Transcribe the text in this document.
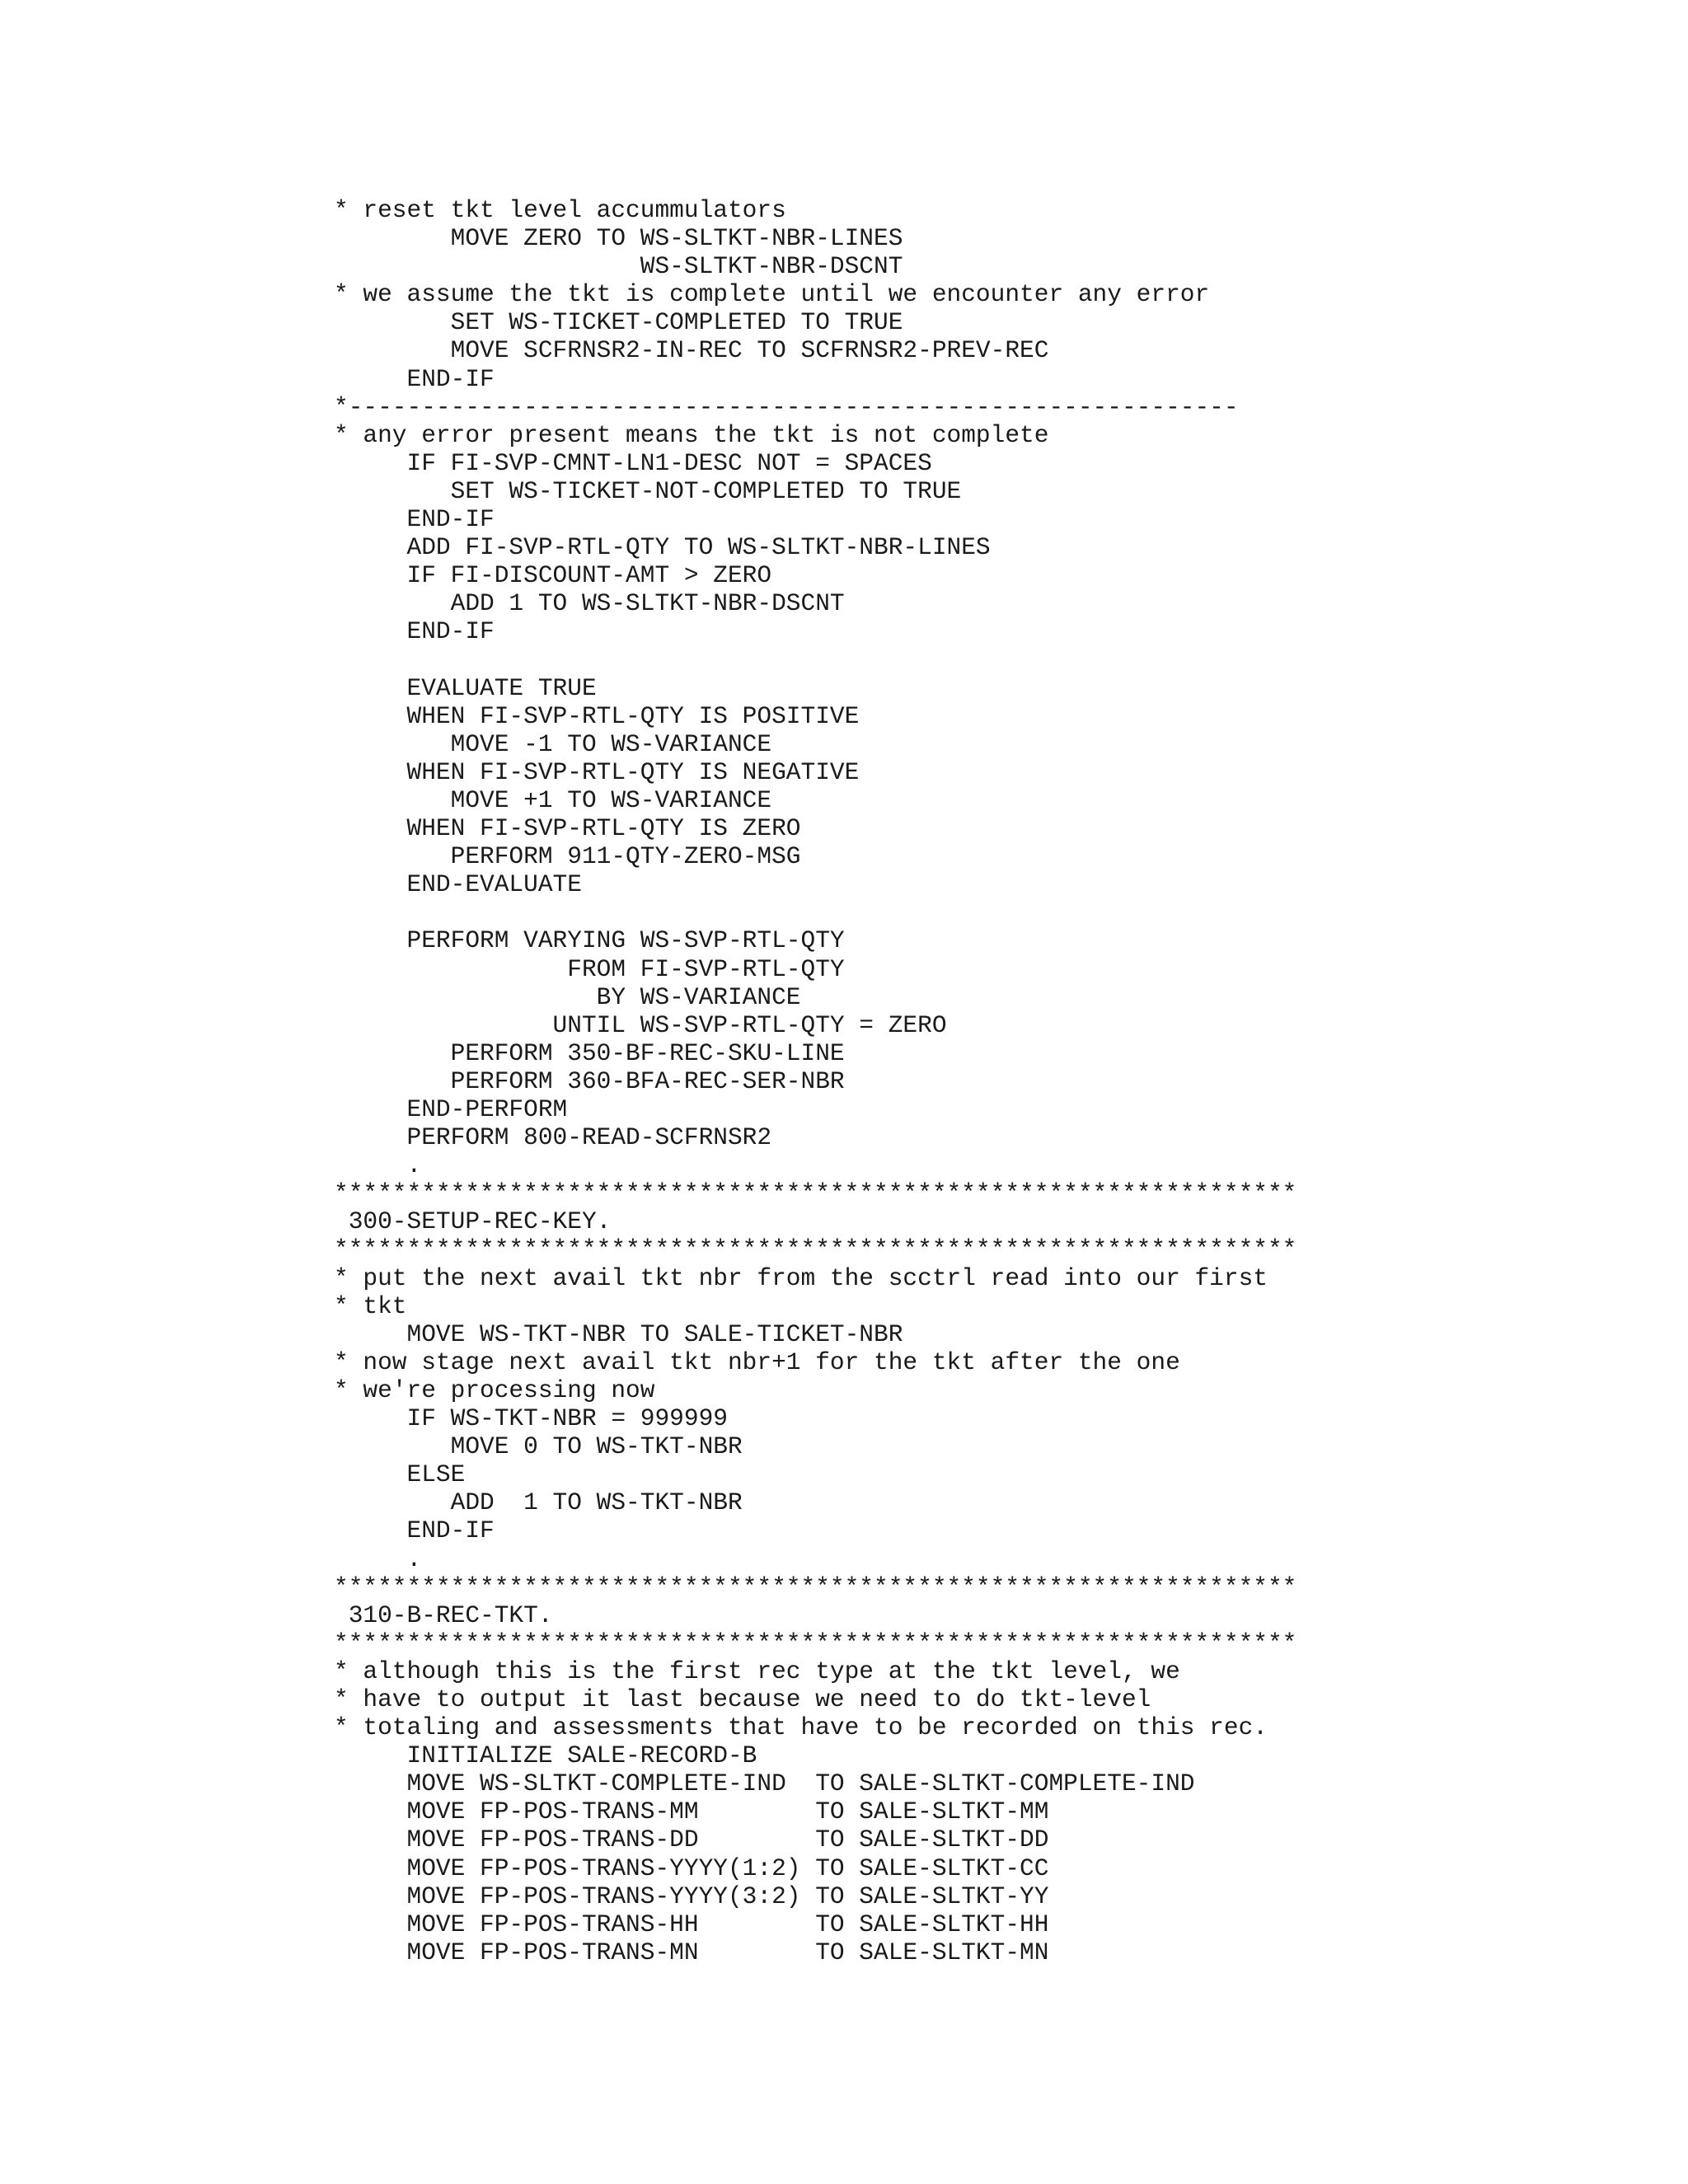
* reset tkt level accummulators
MOVE ZERO TO WS-SLTKT-NBR-LINES
WS-SLTKT-NBR-DSCNT
* we assume the tkt is complete until we encounter any error
SET WS-TICKET-COMPLETED TO TRUE
MOVE SCFRNSR2-IN-REC TO SCFRNSR2-PREV-REC
END-IF
*-------------------------------------------------------------
* any error present means the tkt is not complete
IF FI-SVP-CMNT-LN1-DESC NOT = SPACES
SET WS-TICKET-NOT-COMPLETED TO TRUE
END-IF
ADD FI-SVP-RTL-QTY TO WS-SLTKT-NBR-LINES
IF FI-DISCOUNT-AMT > ZERO
ADD 1 TO WS-SLTKT-NBR-DSCNT
END-IF
EVALUATE TRUE
WHEN FI-SVP-RTL-QTY IS POSITIVE
MOVE -1 TO WS-VARIANCE
WHEN FI-SVP-RTL-QTY IS NEGATIVE
MOVE +1 TO WS-VARIANCE
WHEN FI-SVP-RTL-QTY IS ZERO
PERFORM 911-QTY-ZERO-MSG
END-EVALUATE
PERFORM VARYING WS-SVP-RTL-QTY
FROM FI-SVP-RTL-QTY
BY WS-VARIANCE
UNTIL WS-SVP-RTL-QTY = ZERO
PERFORM 350-BF-REC-SKU-LINE
PERFORM 360-BFA-REC-SER-NBR
END-PERFORM
PERFORM 800-READ-SCFRNSR2
.
******************************************************************
300-SETUP-REC-KEY.
******************************************************************
* put the next avail tkt nbr from the scctrl read into our first
* tkt
MOVE WS-TKT-NBR TO SALE-TICKET-NBR
* now stage next avail tkt nbr+1 for the tkt after the one
* we're processing now
IF WS-TKT-NBR = 999999
MOVE 0 TO WS-TKT-NBR
ELSE
ADD  1 TO WS-TKT-NBR
END-IF
.
******************************************************************
310-B-REC-TKT.
******************************************************************
* although this is the first rec type at the tkt level, we
* have to output it last because we need to do tkt-level
* totaling and assessments that have to be recorded on this rec.
INITIALIZE SALE-RECORD-B
MOVE WS-SLTKT-COMPLETE-IND  TO SALE-SLTKT-COMPLETE-IND
MOVE FP-POS-TRANS-MM        TO SALE-SLTKT-MM
MOVE FP-POS-TRANS-DD        TO SALE-SLTKT-DD
MOVE FP-POS-TRANS-YYYY(1:2) TO SALE-SLTKT-CC
MOVE FP-POS-TRANS-YYYY(3:2) TO SALE-SLTKT-YY
MOVE FP-POS-TRANS-HH        TO SALE-SLTKT-HH
MOVE FP-POS-TRANS-MN        TO SALE-SLTKT-MN
